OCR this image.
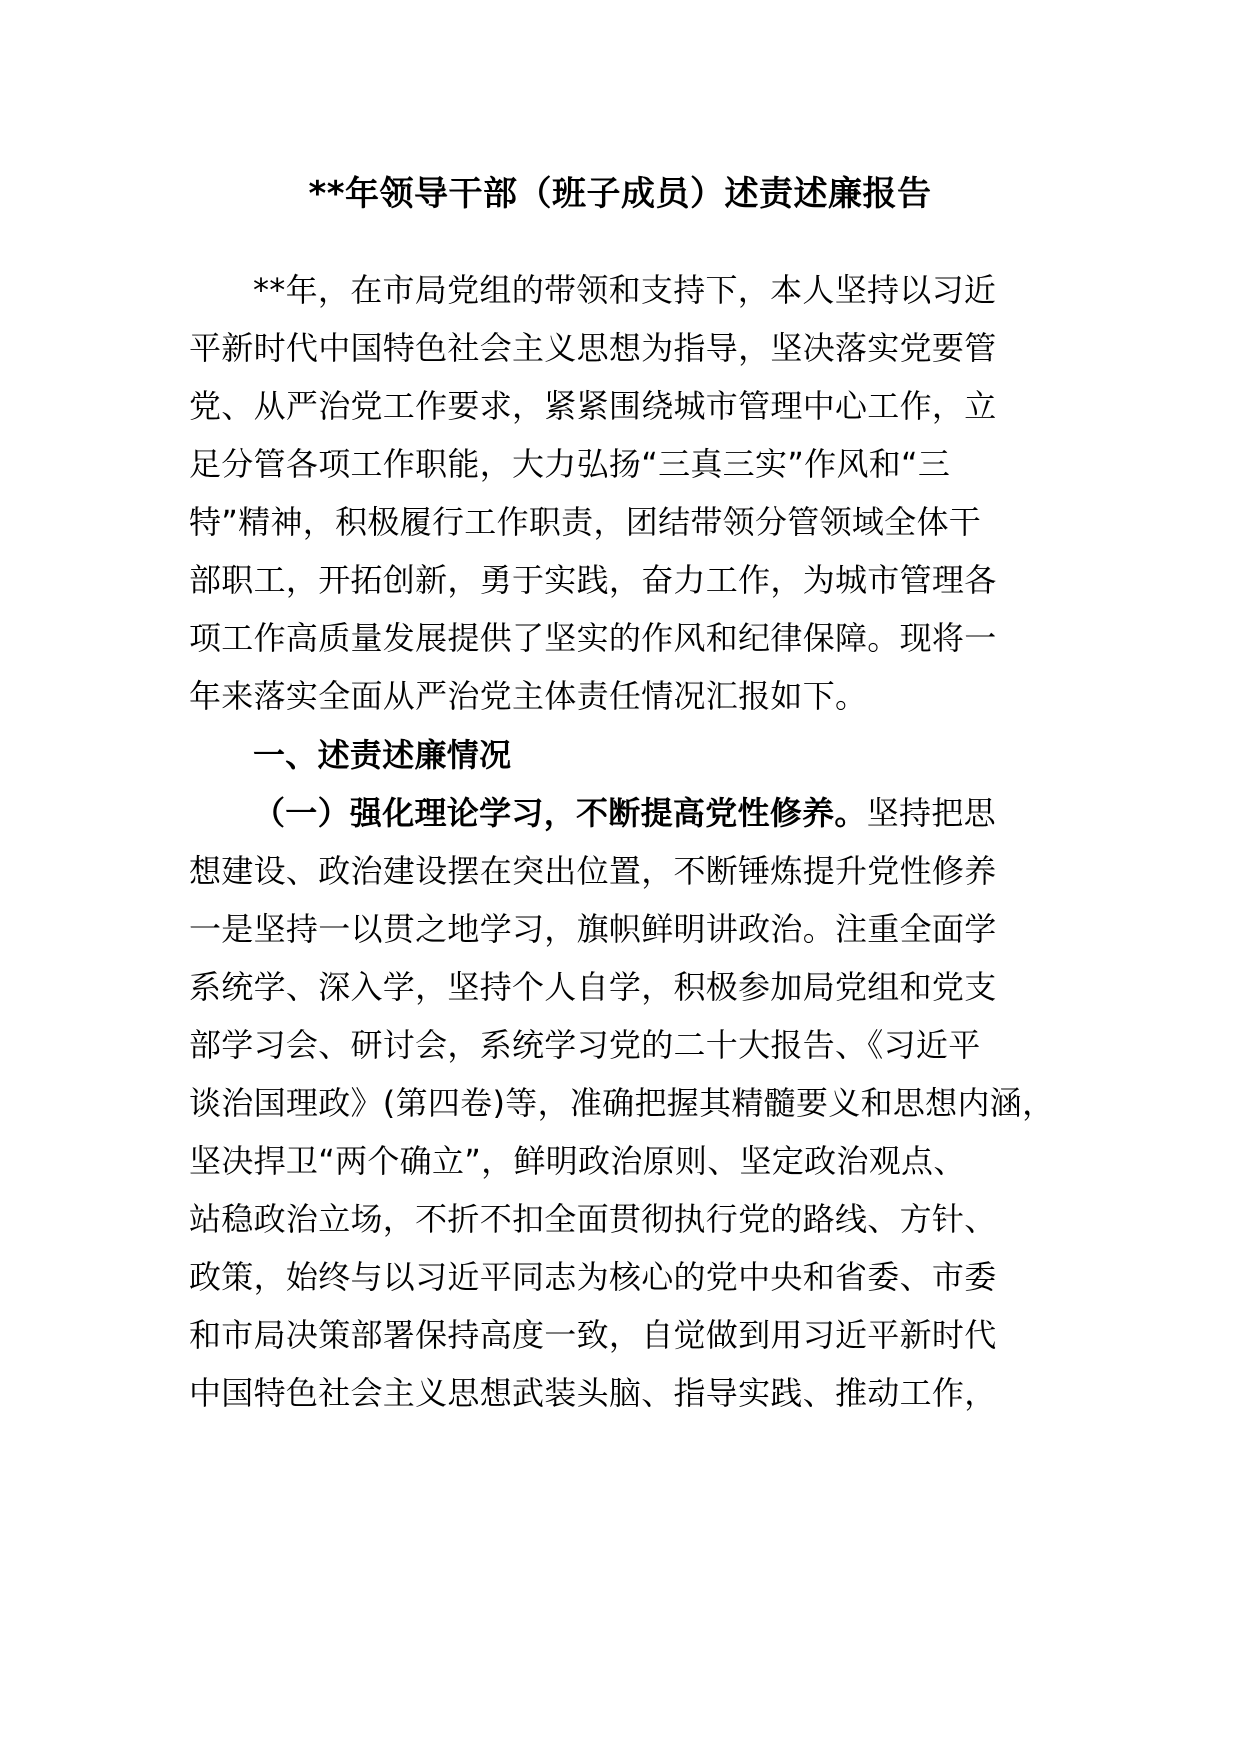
**年领导干部（班子成员）述责述廉报告

**年，在市局党组的带领和支持下，本人坚持以习近

平新时代中国特色社会主义思想为指导，坚决落实党要管

党、从严治党工作要求，紧紧围绕城市管理中心工作，立

足分管各项工作职能，大力弘扬“三真三实”作风和“三

特”精神，积极履行工作职责，团结带领分管领域全体干

部职工，开拓创新，勇于实践，奋力工作，为城市管理各

项工作高质量发展提供了坚实的作风和纪律保障。现将一

年来落实全面从严治党主体责任情况汇报如下。

一、述责述廉情况

（一）强化理论学习，不断提高党性修养。坚持把思

想建设、政治建设摆在突出位置，不断锤炼提升党性修养

一是坚持一以贯之地学习，旗帜鲜明讲政治。注重全面学

系统学、深入学，坚持个人自学，积极参加局党组和党支

部学习会、研讨会，系统学习党的二十大报告、《习近平

谈治国理政》(第四卷)等，准确把握其精髓要义和思想内涵，

坚决捍卫“两个确立”，鲜明政治原则、坚定政治观点、

站稳政治立场，不折不扣全面贯彻执行党的路线、方针、

政策，始终与以习近平同志为核心的党中央和省委、市委

和市局决策部署保持高度一致，自觉做到用习近平新时代

中国特色社会主义思想武装头脑、指导实践、推动工作，
